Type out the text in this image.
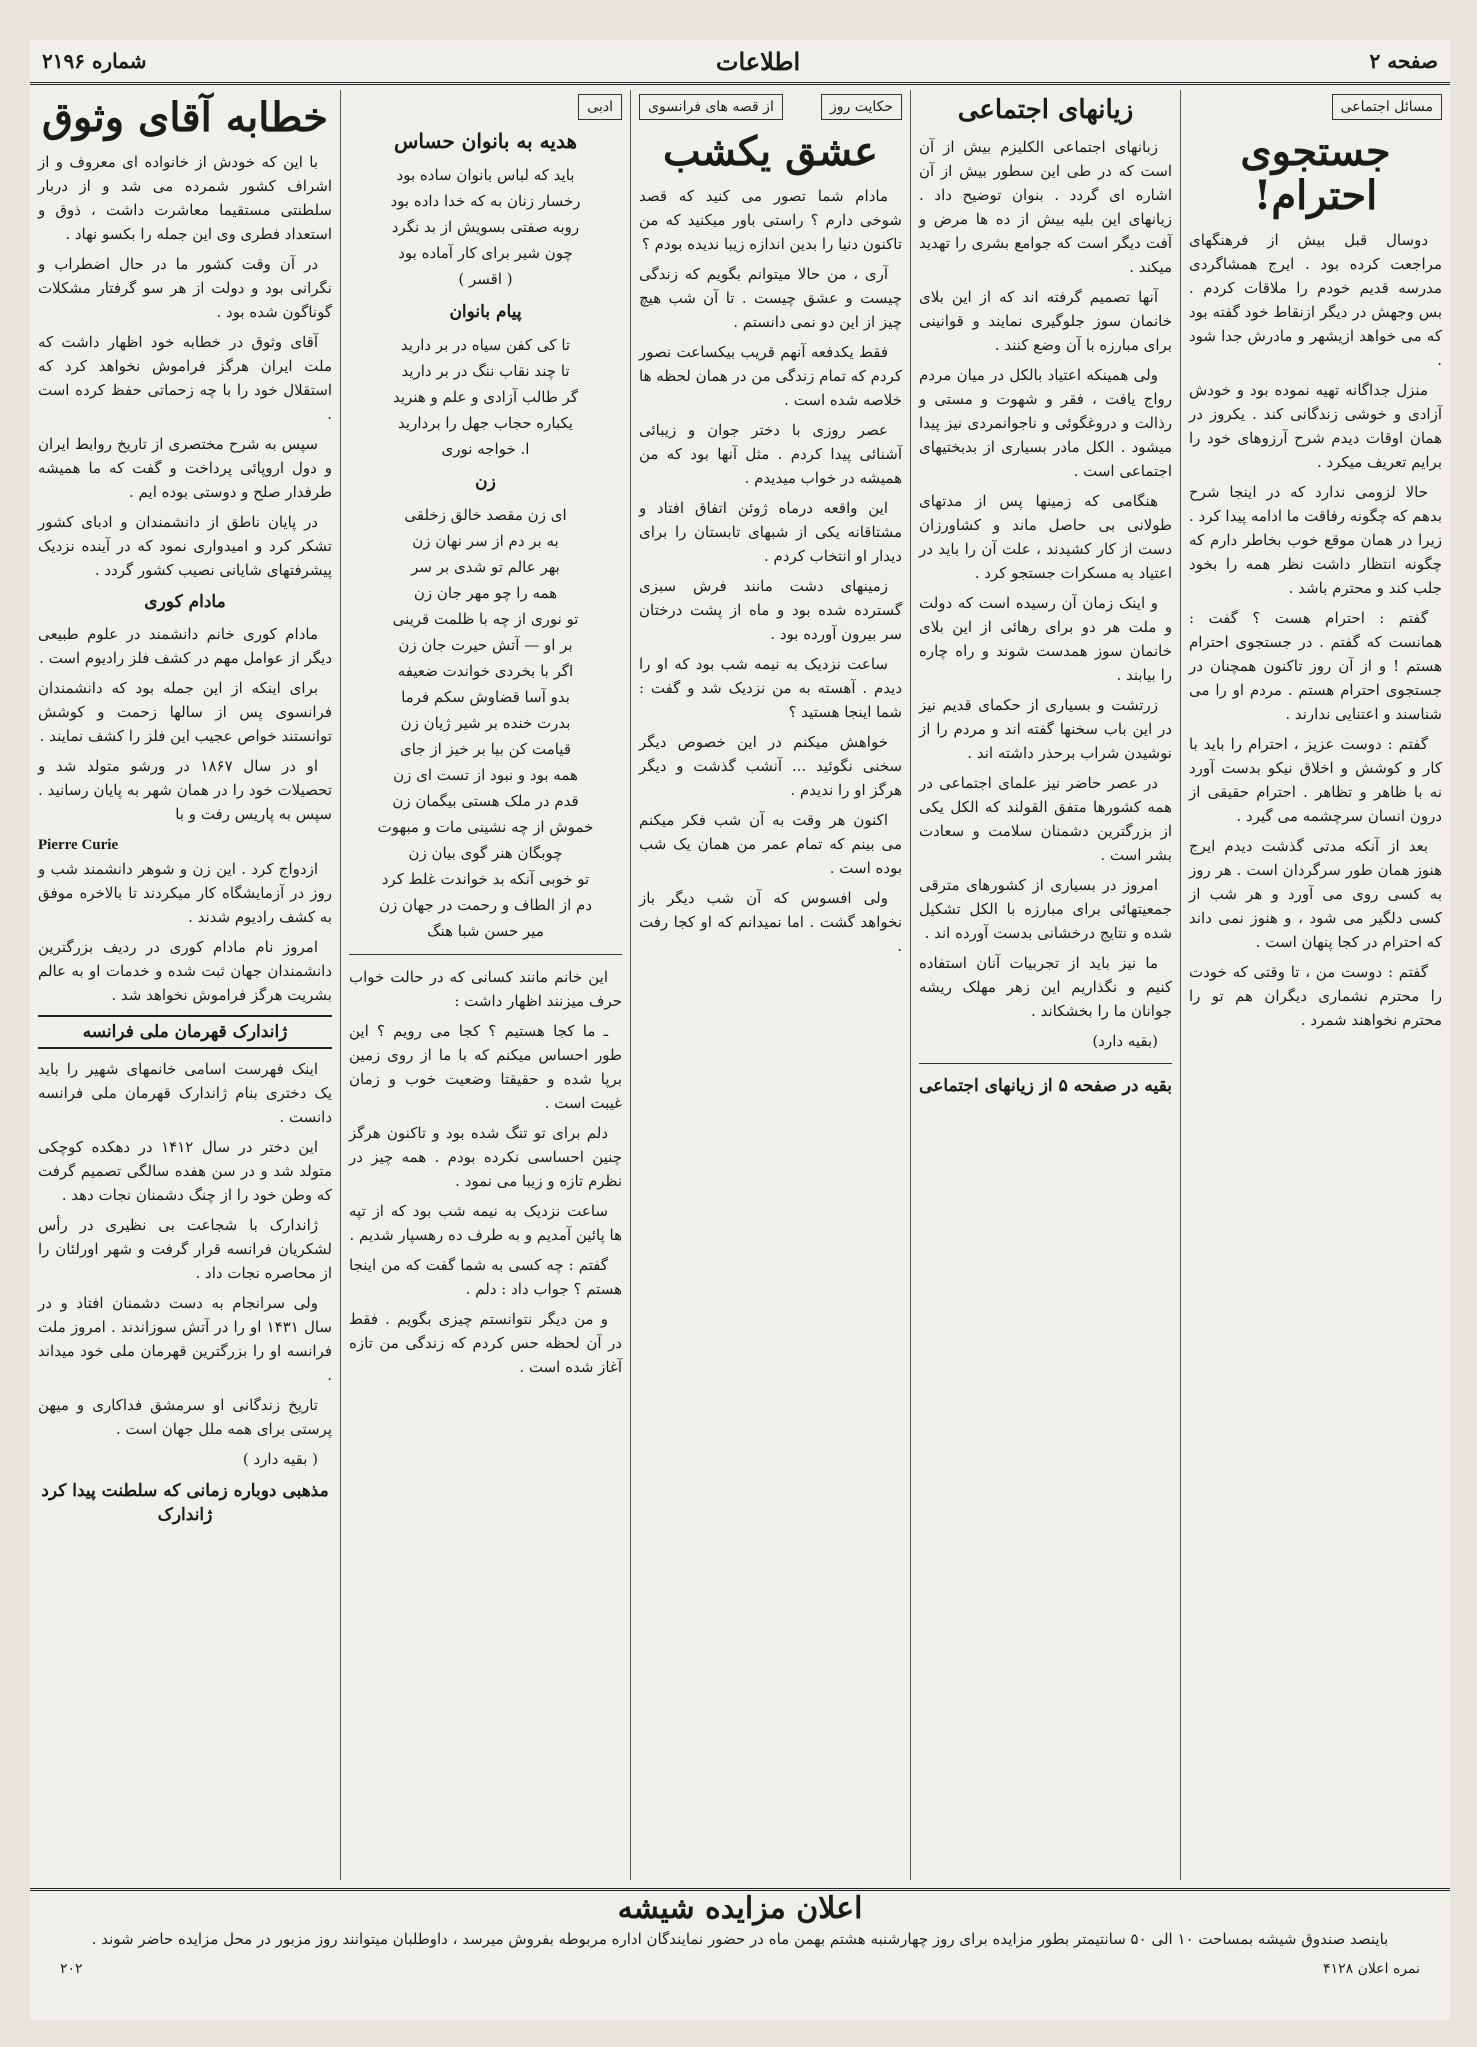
صفحه ۲
اطلاعات
شماره ۲۱۹۶
مسائل اجتماعی
جستجوی احترام!

دوسال قبل بیش از فرهنگهای مراجعت کرده بود . ایرج همشاگردی مدرسه قدیم خودم را ملاقات کردم . بس وجهش در دیگر ازنقاط خود گفته بود که می خواهد ازیشهر و مادرش جدا شود .

منزل جداگانه تهیه نموده بود و خودش آزادی و خوشی زندگانی کند . یکروز در همان اوقات دیدم شرح آرزوهای خود را برایم تعریف میکرد .

حالا لزومی ندارد که در اینجا شرح بدهم که چگونه رفاقت ما ادامه پیدا کرد . زیرا در همان موقع خوب بخاطر دارم که چگونه انتظار داشت نظر همه را بخود جلب کند و محترم باشد .

گفتم : احترام هست ؟ گفت : همانست که گفتم . در جستجوی احترام هستم ! و از آن روز تاکنون همچنان در جستجوی احترام هستم . مردم او را می شناسند و اعتنایی ندارند .

گفتم : دوست عزیز ، احترام را باید با کار و کوشش و اخلاق نیکو بدست آورد نه با ظاهر و تظاهر . احترام حقیقی از درون انسان سرچشمه می گیرد .

بعد از آنکه مدتی گذشت دیدم ایرج هنوز همان طور سرگردان است . هر روز به کسی روی می آورد و هر شب از کسی دلگیر می شود ، و هنوز نمی داند که احترام در کجا پنهان است .

گفتم : دوست من ، تا وقتی که خودت را محترم نشماری دیگران هم تو را محترم نخواهند شمرد .

زیانهای اجتماعی

زبانهای اجتماعی الکلیزم بیش از آن است که در طی این سطور بیش از آن اشاره ای گردد . بنوان توضیح داد . زیانهای این بلیه بیش از ده ها مرض و آفت دیگر است که جوامع بشری را تهدید میکند .

آنها تصمیم گرفته اند که از این بلای خانمان سوز جلوگیری نمایند و قوانینی برای مبارزه با آن وضع کنند .

ولی همینکه اعتیاد بالکل در میان مردم رواج یافت ، فقر و شهوت و مستی و رذالت و دروغگوئی و ناجوانمردی نیز پیدا میشود . الکل مادر بسیاری از بدبختیهای اجتماعی است .

هنگامی که زمینها پس از مدتهای طولانی بی حاصل ماند و کشاورزان دست از کار کشیدند ، علت آن را باید در اعتیاد به مسکرات جستجو کرد .

و اینک زمان آن رسیده است که دولت و ملت هر دو برای رهائی از این بلای خانمان سوز همدست شوند و راه چاره را بیابند .

زرتشت و بسیاری از حکمای قدیم نیز در این باب سخنها گفته اند و مردم را از نوشیدن شراب برحذر داشته اند .

در عصر حاضر نیز علمای اجتماعی در همه کشورها متفق القولند که الکل یکی از بزرگترین دشمنان سلامت و سعادت بشر است .

امروز در بسیاری از کشورهای مترقی جمعیتهائی برای مبارزه با الکل تشکیل شده و نتایج درخشانی بدست آورده اند .

ما نیز باید از تجربیات آنان استفاده کنیم و نگذاریم این زهر مهلک ریشه جوانان ما را بخشکاند .

(بقیه دارد)

بقیه در صفحه ۵ از زیانهای اجتماعی
حکایت روز
از قصه های فرانسوی
عشق یکشب

مادام شما تصور می کنید که قصد شوخی دارم ؟ راستی باور میکنید که من تاکنون دنیا را بدین اندازه زیبا ندیده بودم ؟

آری ، من حالا میتوانم بگویم که زندگی چیست و عشق چیست . تا آن شب هیچ چیز از این دو نمی دانستم .

فقط یکدفعه آنهم قریب بیکساعت نصور کردم که تمام زندگی من در همان لحظه ها خلاصه شده است .

عصر روزی با دختر جوان و زیبائی آشنائی پیدا کردم . مثل آنها بود که من همیشه در خواب میدیدم .

این واقعه درماه ژوئن اتفاق افتاد و مشتاقانه یکی از شبهای تابستان را برای دیدار او انتخاب کردم .

زمینهای دشت مانند فرش سبزی گسترده شده بود و ماه از پشت درختان سر بیرون آورده بود .

ساعت نزدیک به نیمه شب بود که او را دیدم . آهسته به من نزدیک شد و گفت : شما اینجا هستید ؟

خواهش میکنم در این خصوص دیگر سخنی نگوئید ... آنشب گذشت و دیگر هرگز او را ندیدم .

اکنون هر وقت به آن شب فکر میکنم می بینم که تمام عمر من همان یک شب بوده است .

ولی افسوس که آن شب دیگر باز نخواهد گشت . اما نمیدانم که او کجا رفت .

ادبی
هدیه به بانوان حساس
باید که لباس بانوان ساده بود
رخسار زنان به که خدا داده بود
روبه صفتی بسویش از بد نگرد
چون شیر برای کار آماده بود
( اقسر )
پیام بانوان
تا کی کفن سیاه در بر دارید
تا چند نقاب ننگ در بر دارید
گر طالب آزادی و علم و هنرید
یکباره حجاب جهل را بردارید
ا. خواجه نوری
زن
ای زن مقصد خالق زخلقی
به بر دم از سر نهان زن
بهر عالم تو شدی بر سر
همه را چو مهر جان زن
تو نوری از چه با ظلمت قرینی
بر او — آتش حیرت جان زن
اگر با بخردی خواندت ضعیفه
بدو آسا قضاوش سکم فرما
بدرت خنده بر شیر ژیان زن
قیامت کن بیا بر خیز از جای
همه بود و نبود از تست ای زن
قدم در ملک هستی بیگمان زن
خموش از چه نشینی مات و مبهوت
چوبگان هنر گوی بیان زن
تو خوبی آنکه بد خواندت غلط کرد
دم از الطاف و رحمت در جهان زن
میر حسن شبا هنگ

این خانم مانند کسانی که در حالت خواب حرف میزنند اظهار داشت :

ـ ما کجا هستیم ؟ کجا می رویم ؟ این طور احساس میکنم که با ما از روی زمین برپا شده و حقیقتا وضعیت خوب و زمان غیبت است .

دلم برای تو تنگ شده بود و تاکنون هرگز چنین احساسی نکرده بودم . همه چیز در نظرم تازه و زیبا می نمود .

ساعت نزدیک به نیمه شب بود که از تپه ها پائین آمدیم و به طرف ده رهسپار شدیم .

گفتم : چه کسی به شما گفت که من اینجا هستم ؟ جواب داد : دلم .

و من دیگر نتوانستم چیزی بگویم . فقط در آن لحظه حس کردم که زندگی من تازه آغاز شده است .

خطابه آقای وثوق

با این که خودش از خانواده ای معروف و از اشراف کشور شمرده می شد و از دربار سلطنتی مستقیما معاشرت داشت ، ذوق و استعداد فطری وی این جمله را بکسو نهاد .

در آن وقت کشور ما در حال اضطراب و نگرانی بود و دولت از هر سو گرفتار مشکلات گوناگون شده بود .

آقای وثوق در خطابه خود اظهار داشت که ملت ایران هرگز فراموش نخواهد کرد که استقلال خود را با چه زحماتی حفظ کرده است .

سپس به شرح مختصری از تاریخ روابط ایران و دول اروپائی پرداخت و گفت که ما همیشه طرفدار صلح و دوستی بوده ایم .

در پایان ناطق از دانشمندان و ادبای کشور تشکر کرد و امیدواری نمود که در آینده نزدیک پیشرفتهای شایانی نصیب کشور گردد .

مادام کوری

مادام کوری خانم دانشمند در علوم طبیعی دیگر از عوامل مهم در کشف فلز رادیوم است .

برای اینکه از این جمله بود که دانشمندان فرانسوی پس از سالها زحمت و کوشش توانستند خواص عجیب این فلز را کشف نمایند .

او در سال ۱۸۶۷ در ورشو متولد شد و تحصیلات خود را در همان شهر به پایان رسانید . سپس به پاریس رفت و با

Pierre Curie

ازدواج کرد . این زن و شوهر دانشمند شب و روز در آزمایشگاه کار میکردند تا بالاخره موفق به کشف رادیوم شدند .

امروز نام مادام کوری در ردیف بزرگترین دانشمندان جهان ثبت شده و خدمات او به عالم بشریت هرگز فراموش نخواهد شد .

ژاندارک قهرمان ملی فرانسه

اینک فهرست اسامی خانمهای شهیر را باید یک دختری بنام ژاندارک قهرمان ملی فرانسه دانست .

این دختر در سال ۱۴۱۲ در دهکده کوچکی متولد شد و در سن هفده سالگی تصمیم گرفت که وطن خود را از چنگ دشمنان نجات دهد .

ژاندارک با شجاعت بی نظیری در رأس لشکریان فرانسه قرار گرفت و شهر اورلئان را از محاصره نجات داد .

ولی سرانجام به دست دشمنان افتاد و در سال ۱۴۳۱ او را در آتش سوزاندند . امروز ملت فرانسه او را بزرگترین قهرمان ملی خود میداند .

تاریخ زندگانی او سرمشق فداکاری و میهن پرستی برای همه ملل جهان است .

( بقیه دارد )

مذهبی دوباره زمانی که سلطنت پیدا کرد ژاندارک
اعلان مزایده شیشه
باینصد صندوق شیشه بمساحت ۱۰ الی ۵۰ سانتیمتر بطور مزایده برای روز چهارشنبه هشتم بهمن ماه در حضور نمایندگان اداره مربوطه بفروش میرسد ، داوطلبان میتوانند روز مزبور در محل مزایده حاضر شوند .
نمره اعلان ۴۱۲۸
۲۰۲
